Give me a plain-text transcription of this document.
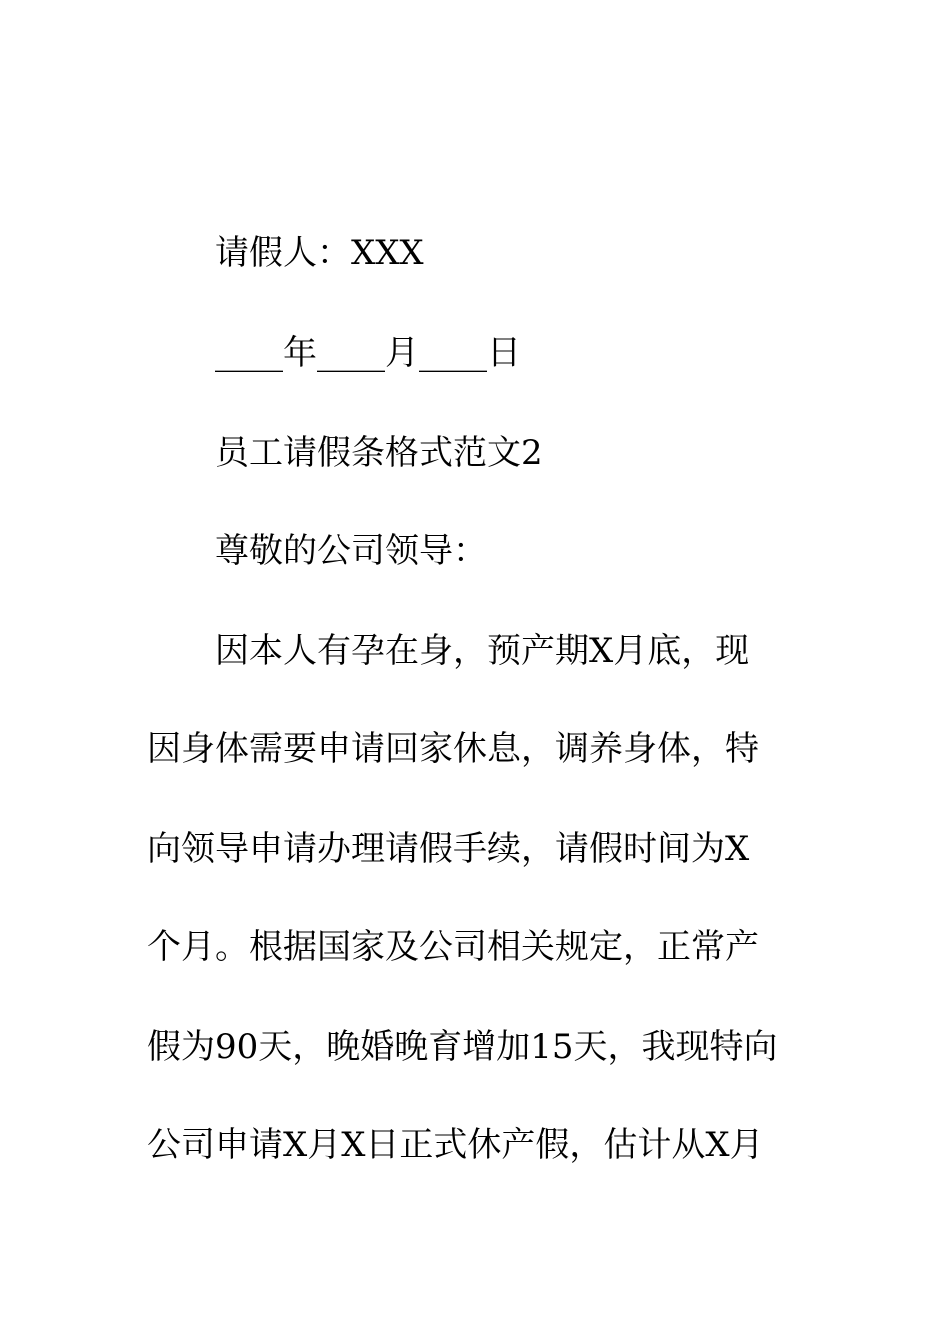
请假人：XXX
____年____月____日
员工请假条格式范文2
尊敬的公司领导：
因本人有孕在身，预产期X月底，现
因身体需要申请回家休息，调养身体，特
向领导申请办理请假手续，请假时间为X
个月。根据国家及公司相关规定，正常产
假为90天，晚婚晚育增加15天，我现特向
公司申请X月X日正式休产假，估计从X月
